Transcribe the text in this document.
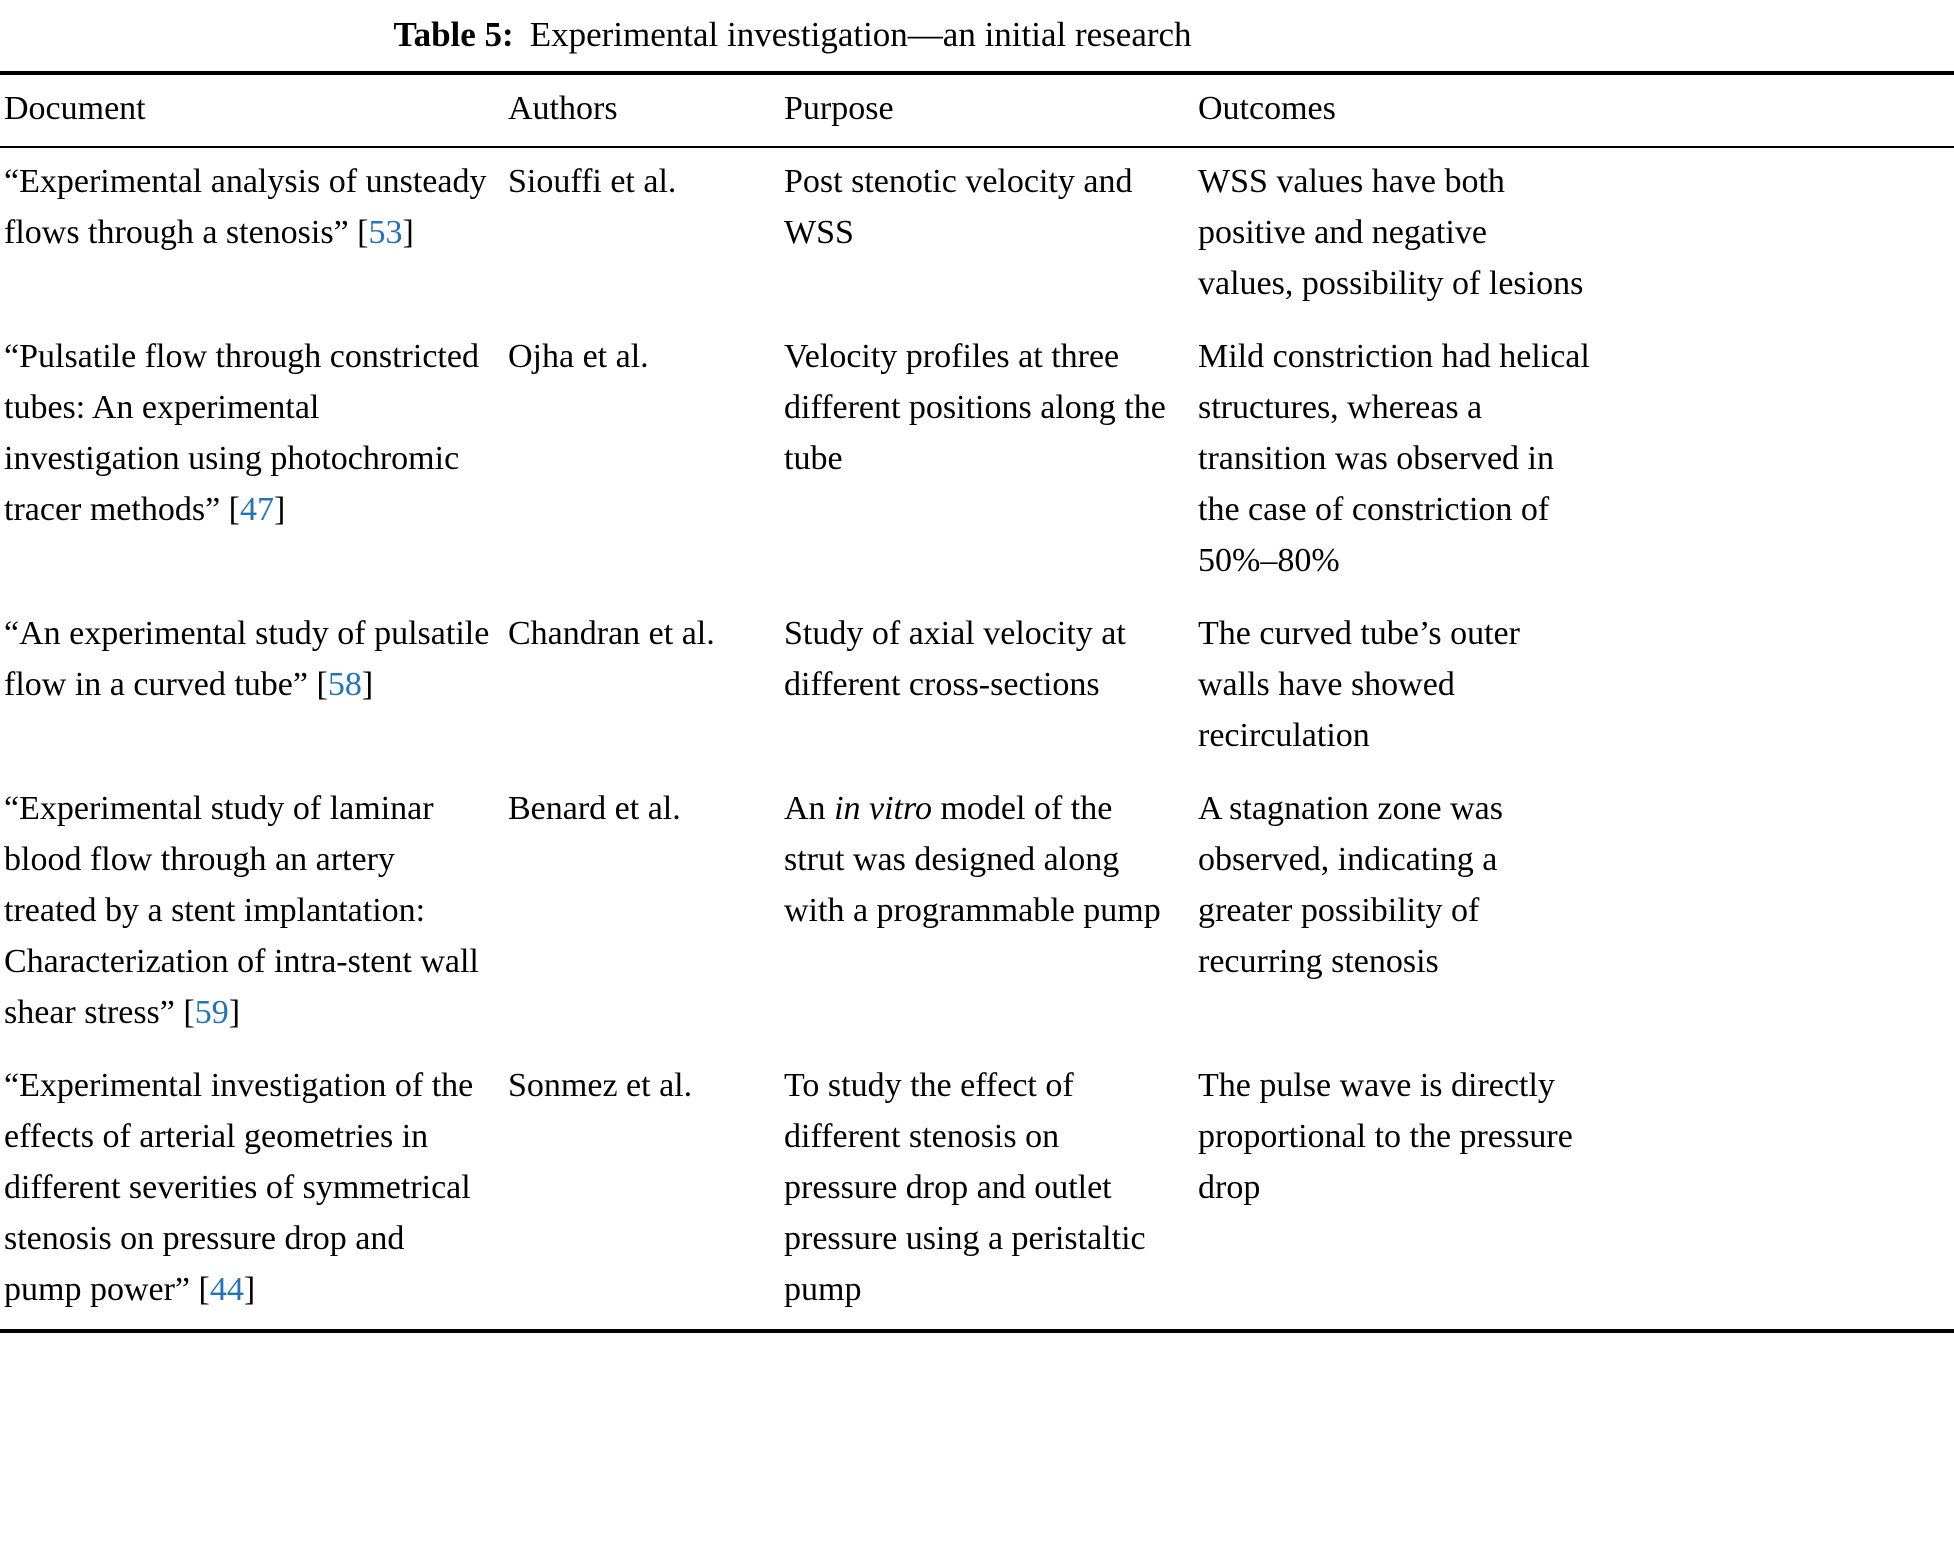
Table 5: Experimental investigation—an initial research
Document	Authors	Purpose	Outcomes

“Experimental analysis of unsteady flows through a stenosis” [53]	Siouffi et al.	Post stenotic velocity and WSS	WSS values have both positive and negative values, possibility of lesions

“Pulsatile flow through constricted tubes: An experimental investigation using photochromic tracer methods” [47]	Ojha et al.	Velocity profiles at three different positions along the tube	Mild constriction had helical structures, whereas a transition was observed in the case of constriction of 50%–80%

“An experimental study of pulsatile flow in a curved tube” [58]	Chandran et al.	Study of axial velocity at different cross-sections	The curved tube’s outer walls have showed recirculation

“Experimental study of laminar blood flow through an artery treated by a stent implantation: Characterization of intra-stent wall shear stress” [59]	Benard et al.	An in vitro model of the strut was designed along with a programmable pump	A stagnation zone was observed, indicating a greater possibility of recurring stenosis

“Experimental investigation of the effects of arterial geometries in different severities of symmetrical stenosis on pressure drop and pump power” [44]	Sonmez et al.	To study the effect of different stenosis on pressure drop and outlet pressure using a peristaltic pump	The pulse wave is directly proportional to the pressure drop
